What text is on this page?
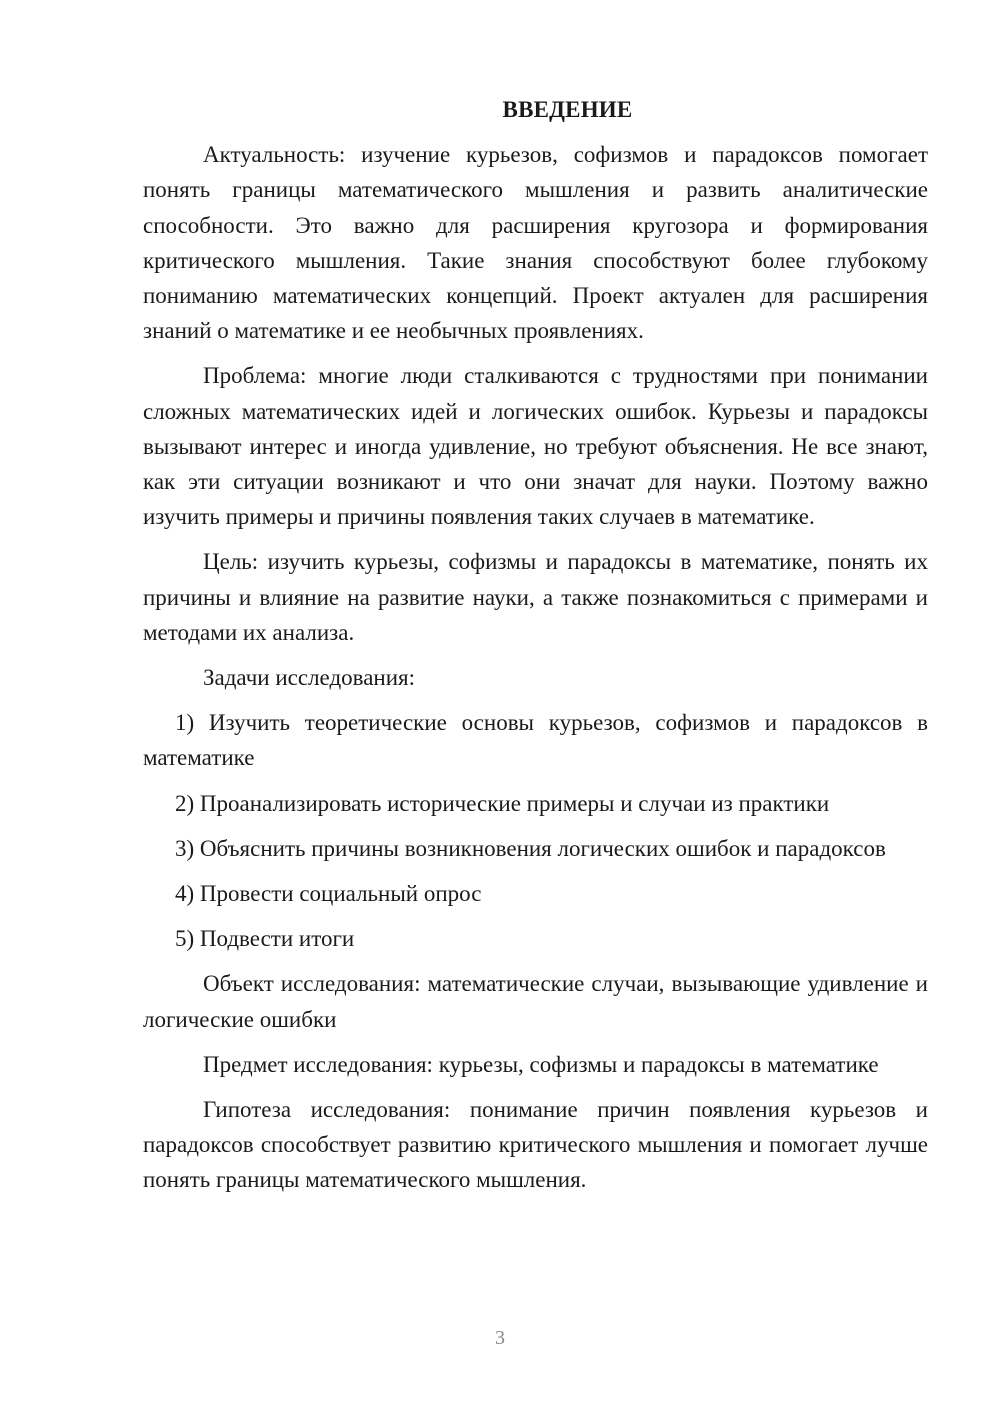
ВВЕДЕНИЕ

Актуальность: изучение курьезов, софизмов и парадоксов помогает понять границы математического мышления и развить аналитические способности. Это важно для расширения кругозора и формирования критического мышления. Такие знания способствуют более глубокому пониманию математических концепций. Проект актуален для расширения знаний о математике и ее необычных проявлениях.

Проблема: многие люди сталкиваются с трудностями при понимании сложных математических идей и логических ошибок. Курьезы и парадоксы вызывают интерес и иногда удивление, но требуют объяснения. Не все знают, как эти ситуации возникают и что они значат для науки. Поэтому важно изучить примеры и причины появления таких случаев в математике.

Цель: изучить курьезы, софизмы и парадоксы в математике, понять их причины и влияние на развитие науки, а также познакомиться с примерами и методами их анализа.

Задачи исследования:

1) Изучить теоретические основы курьезов, софизмов и парадоксов в математике

2) Проанализировать исторические примеры и случаи из практики

3) Объяснить причины возникновения логических ошибок и парадоксов

4) Провести социальный опрос

5) Подвести итоги

Объект исследования: математические случаи, вызывающие удивление и логические ошибки

Предмет исследования: курьезы, софизмы и парадоксы в математике

Гипотеза исследования: понимание причин появления курьезов и парадоксов способствует развитию критического мышления и помогает лучше понять границы математического мышления.

3
